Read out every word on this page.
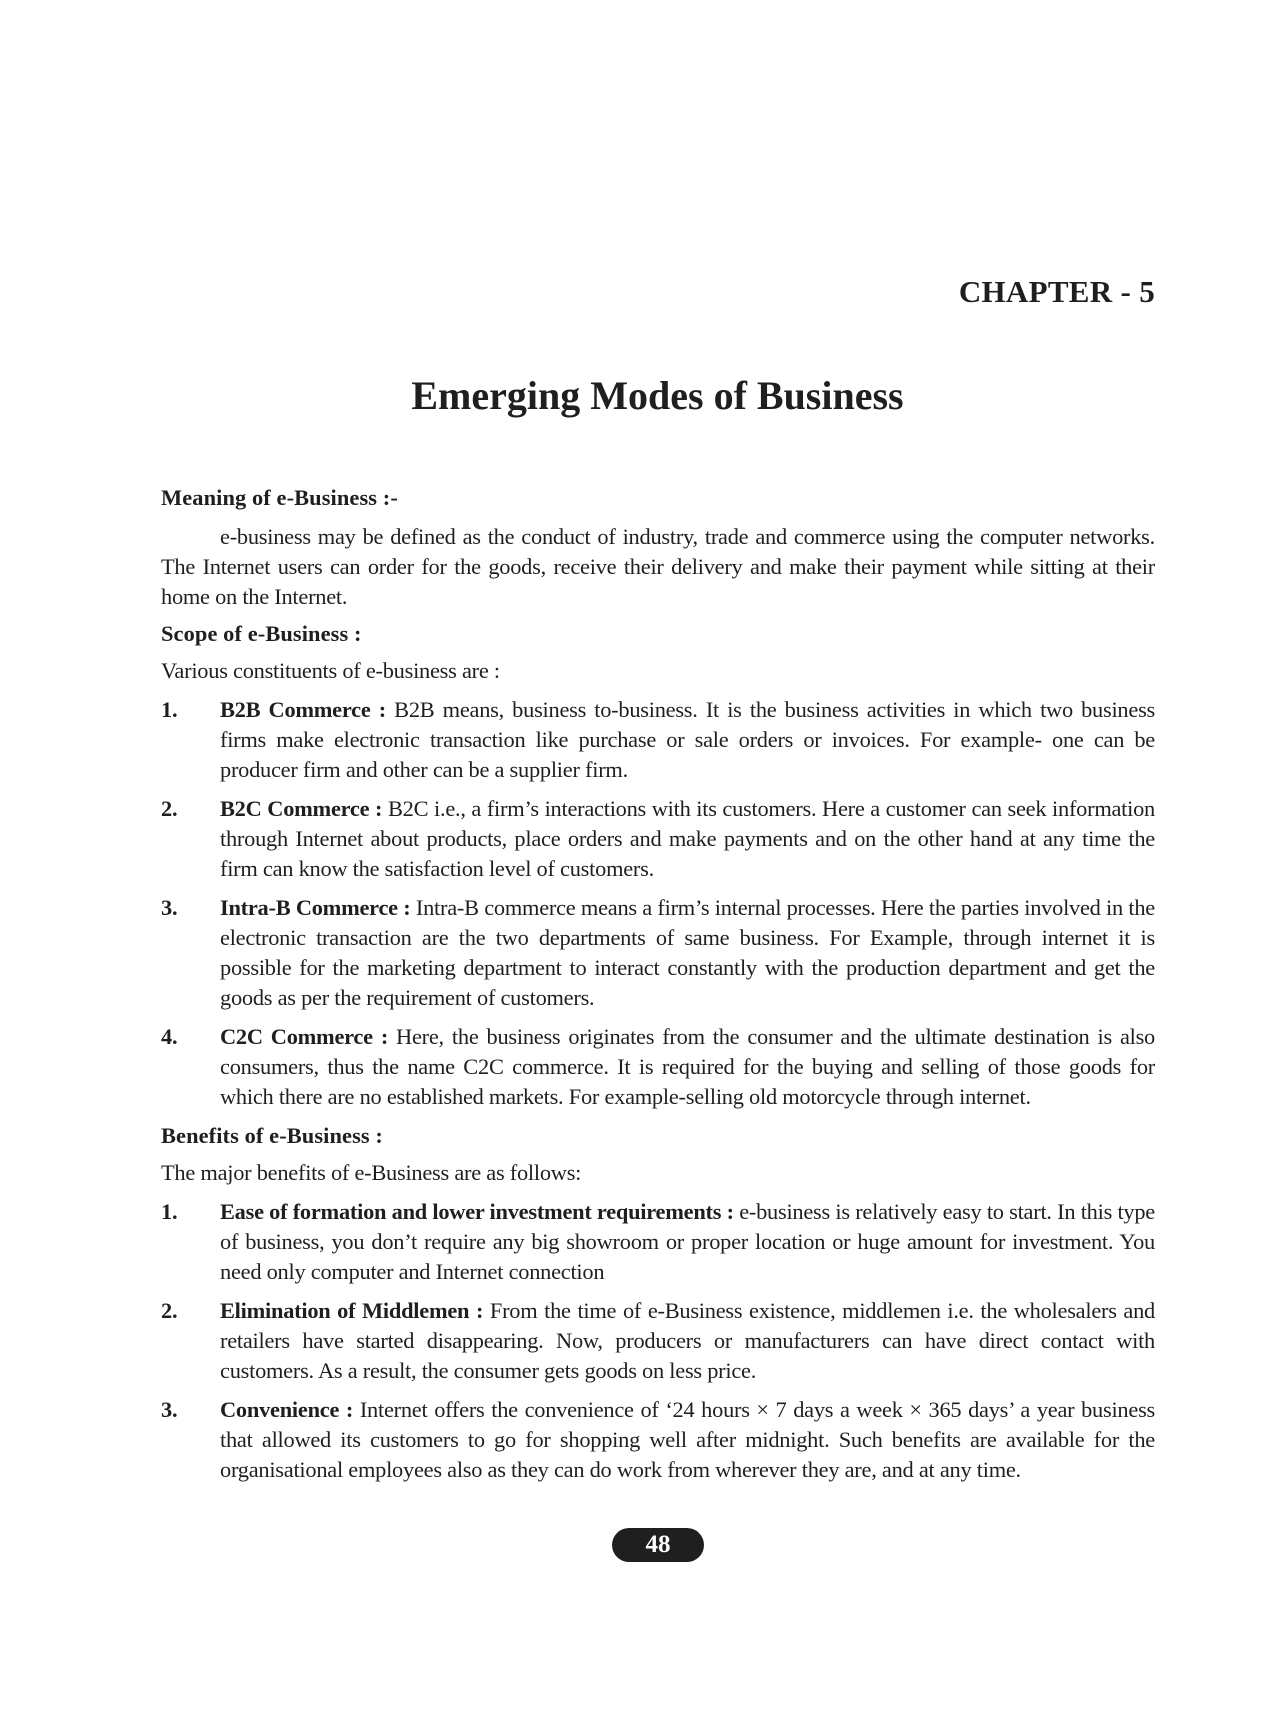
CHAPTER - 5
Emerging Modes of Business

Meaning of e-Business :-

e-business may be defined as the conduct of industry, trade and commerce using the computer networks. The Internet users can order for the goods, receive their delivery and make their payment while sitting at their home on the Internet.

Scope of e-Business :

Various constituents of e-business are :

1.	B2B Commerce : B2B means, business to-business. It is the business activities in which two business firms make electronic transaction like purchase or sale orders or invoices. For example- one can be producer firm and other can be a supplier firm.
2.	B2C Commerce : B2C i.e., a firm’s interactions with its customers. Here a customer can seek information through Internet about products, place orders and make payments and on the other hand at any time the firm can know the satisfaction level of customers.
3.	Intra-B Commerce : Intra-B commerce means a firm’s internal processes. Here the parties involved in the electronic transaction are the two departments of same business. For Example, through internet it is possible for the marketing department to interact constantly with the production department and get the goods as per the requirement of customers.
4.	C2C Commerce : Here, the business originates from the consumer and the ultimate destination is also consumers, thus the name C2C commerce. It is required for the buying and selling of those goods for which there are no established markets. For example-selling old motorcycle through internet.

Benefits of e-Business :

The major benefits of e-Business are as follows:

1.	Ease of formation and lower investment requirements : e-business is relatively easy to start. In this type of business, you don’t require any big showroom or proper location or huge amount for investment. You need only computer and Internet connection
2.	Elimination of Middlemen : From the time of e-Business existence, middlemen i.e. the wholesalers and retailers have started disappearing. Now, producers or manufacturers can have direct contact with customers. As a result, the consumer gets goods on less price.
3.	Convenience : Internet offers the convenience of ‘24 hours × 7 days a week × 365 days’ a year business that allowed its customers to go for shopping well after midnight. Such benefits are available for the organisational employees also as they can do work from wherever they are, and at any time.
48
